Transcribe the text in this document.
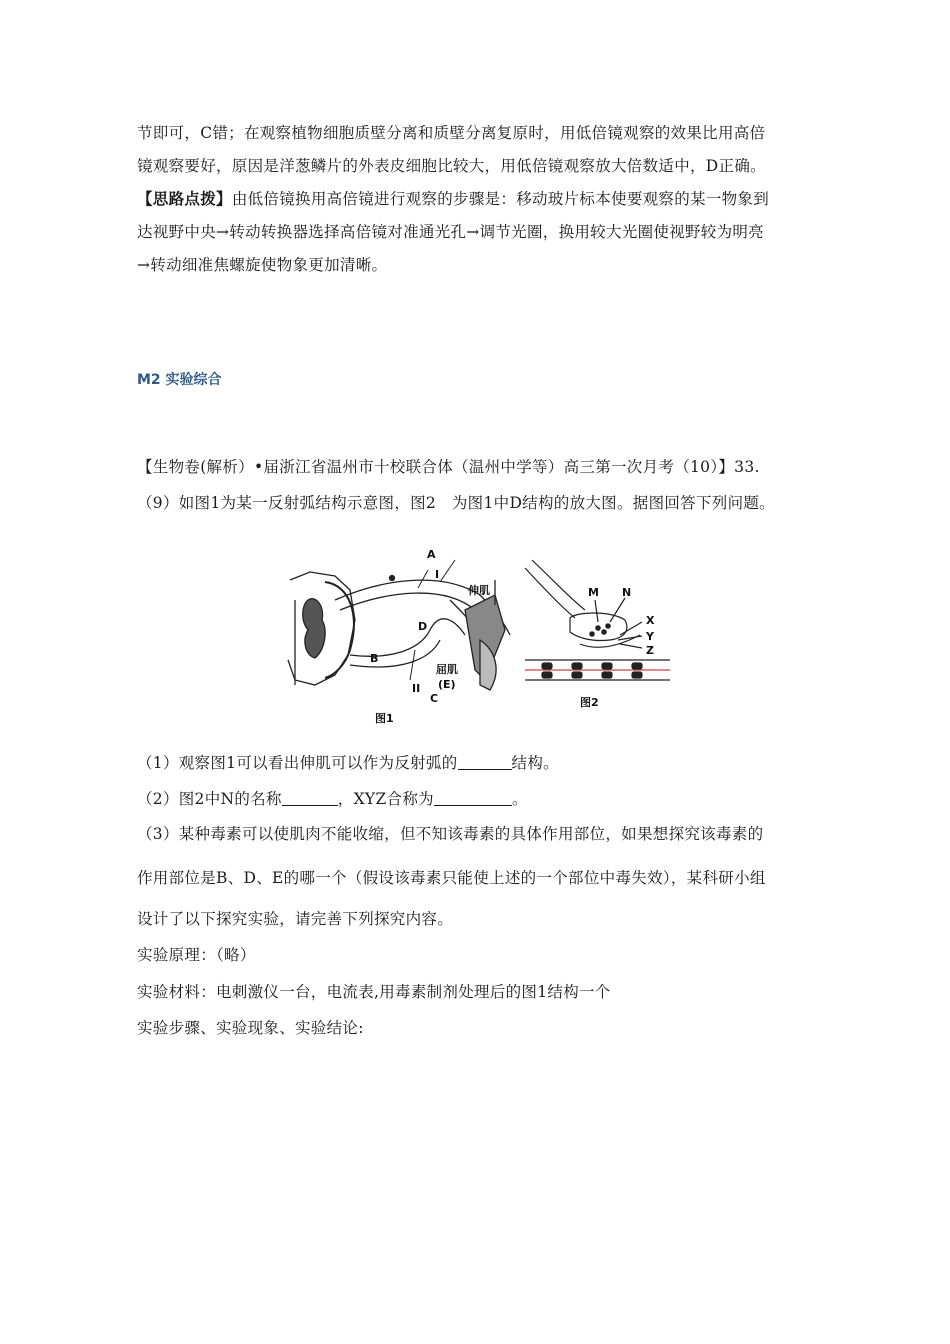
节即可，C错；在观察植物细胞质壁分离和质壁分离复原时，用低倍镜观察的效果比用高倍
镜观察要好，原因是洋葱鳞片的外表皮细胞比较大，用低倍镜观察放大倍数适中，D正确。
【思路点拨】由低倍镜换用高倍镜进行观察的步骤是：移动玻片标本使要观察的某一物象到
达视野中央→转动转换器选择高倍镜对准通光孔→调节光圈，换用较大光圈使视野较为明亮
→转动细准焦螺旋使物象更加清晰。
M2 实验综合
【生物卷(解析）•届浙江省温州市十校联合体（温州中学等）高三第一次月考（10）】33.
（9）如图1为某一反射弧结构示意图，图2　为图1中D结构的放大图。据图回答下列问题。
A
I
伸肌
D
B
屈肌
(E)
II
C
图1
M N
X
Y
Z
图2
（1）观察图1可以看出伸肌可以作为反射弧的	结构。
（2）图2中N的名称	，XYZ合称为	。
（3）某种毒素可以使肌肉不能收缩，但不知该毒素的具体作用部位，如果想探究该毒素的
作用部位是B、D、E的哪一个（假设该毒素只能使上述的一个部位中毒失效），某科研小组
设计了以下探究实验，请完善下列探究内容。
实验原理：（略）
实验材料：电刺激仪一台，电流表,用毒素制剂处理后的图1结构一个
实验步骤、实验现象、实验结论:
